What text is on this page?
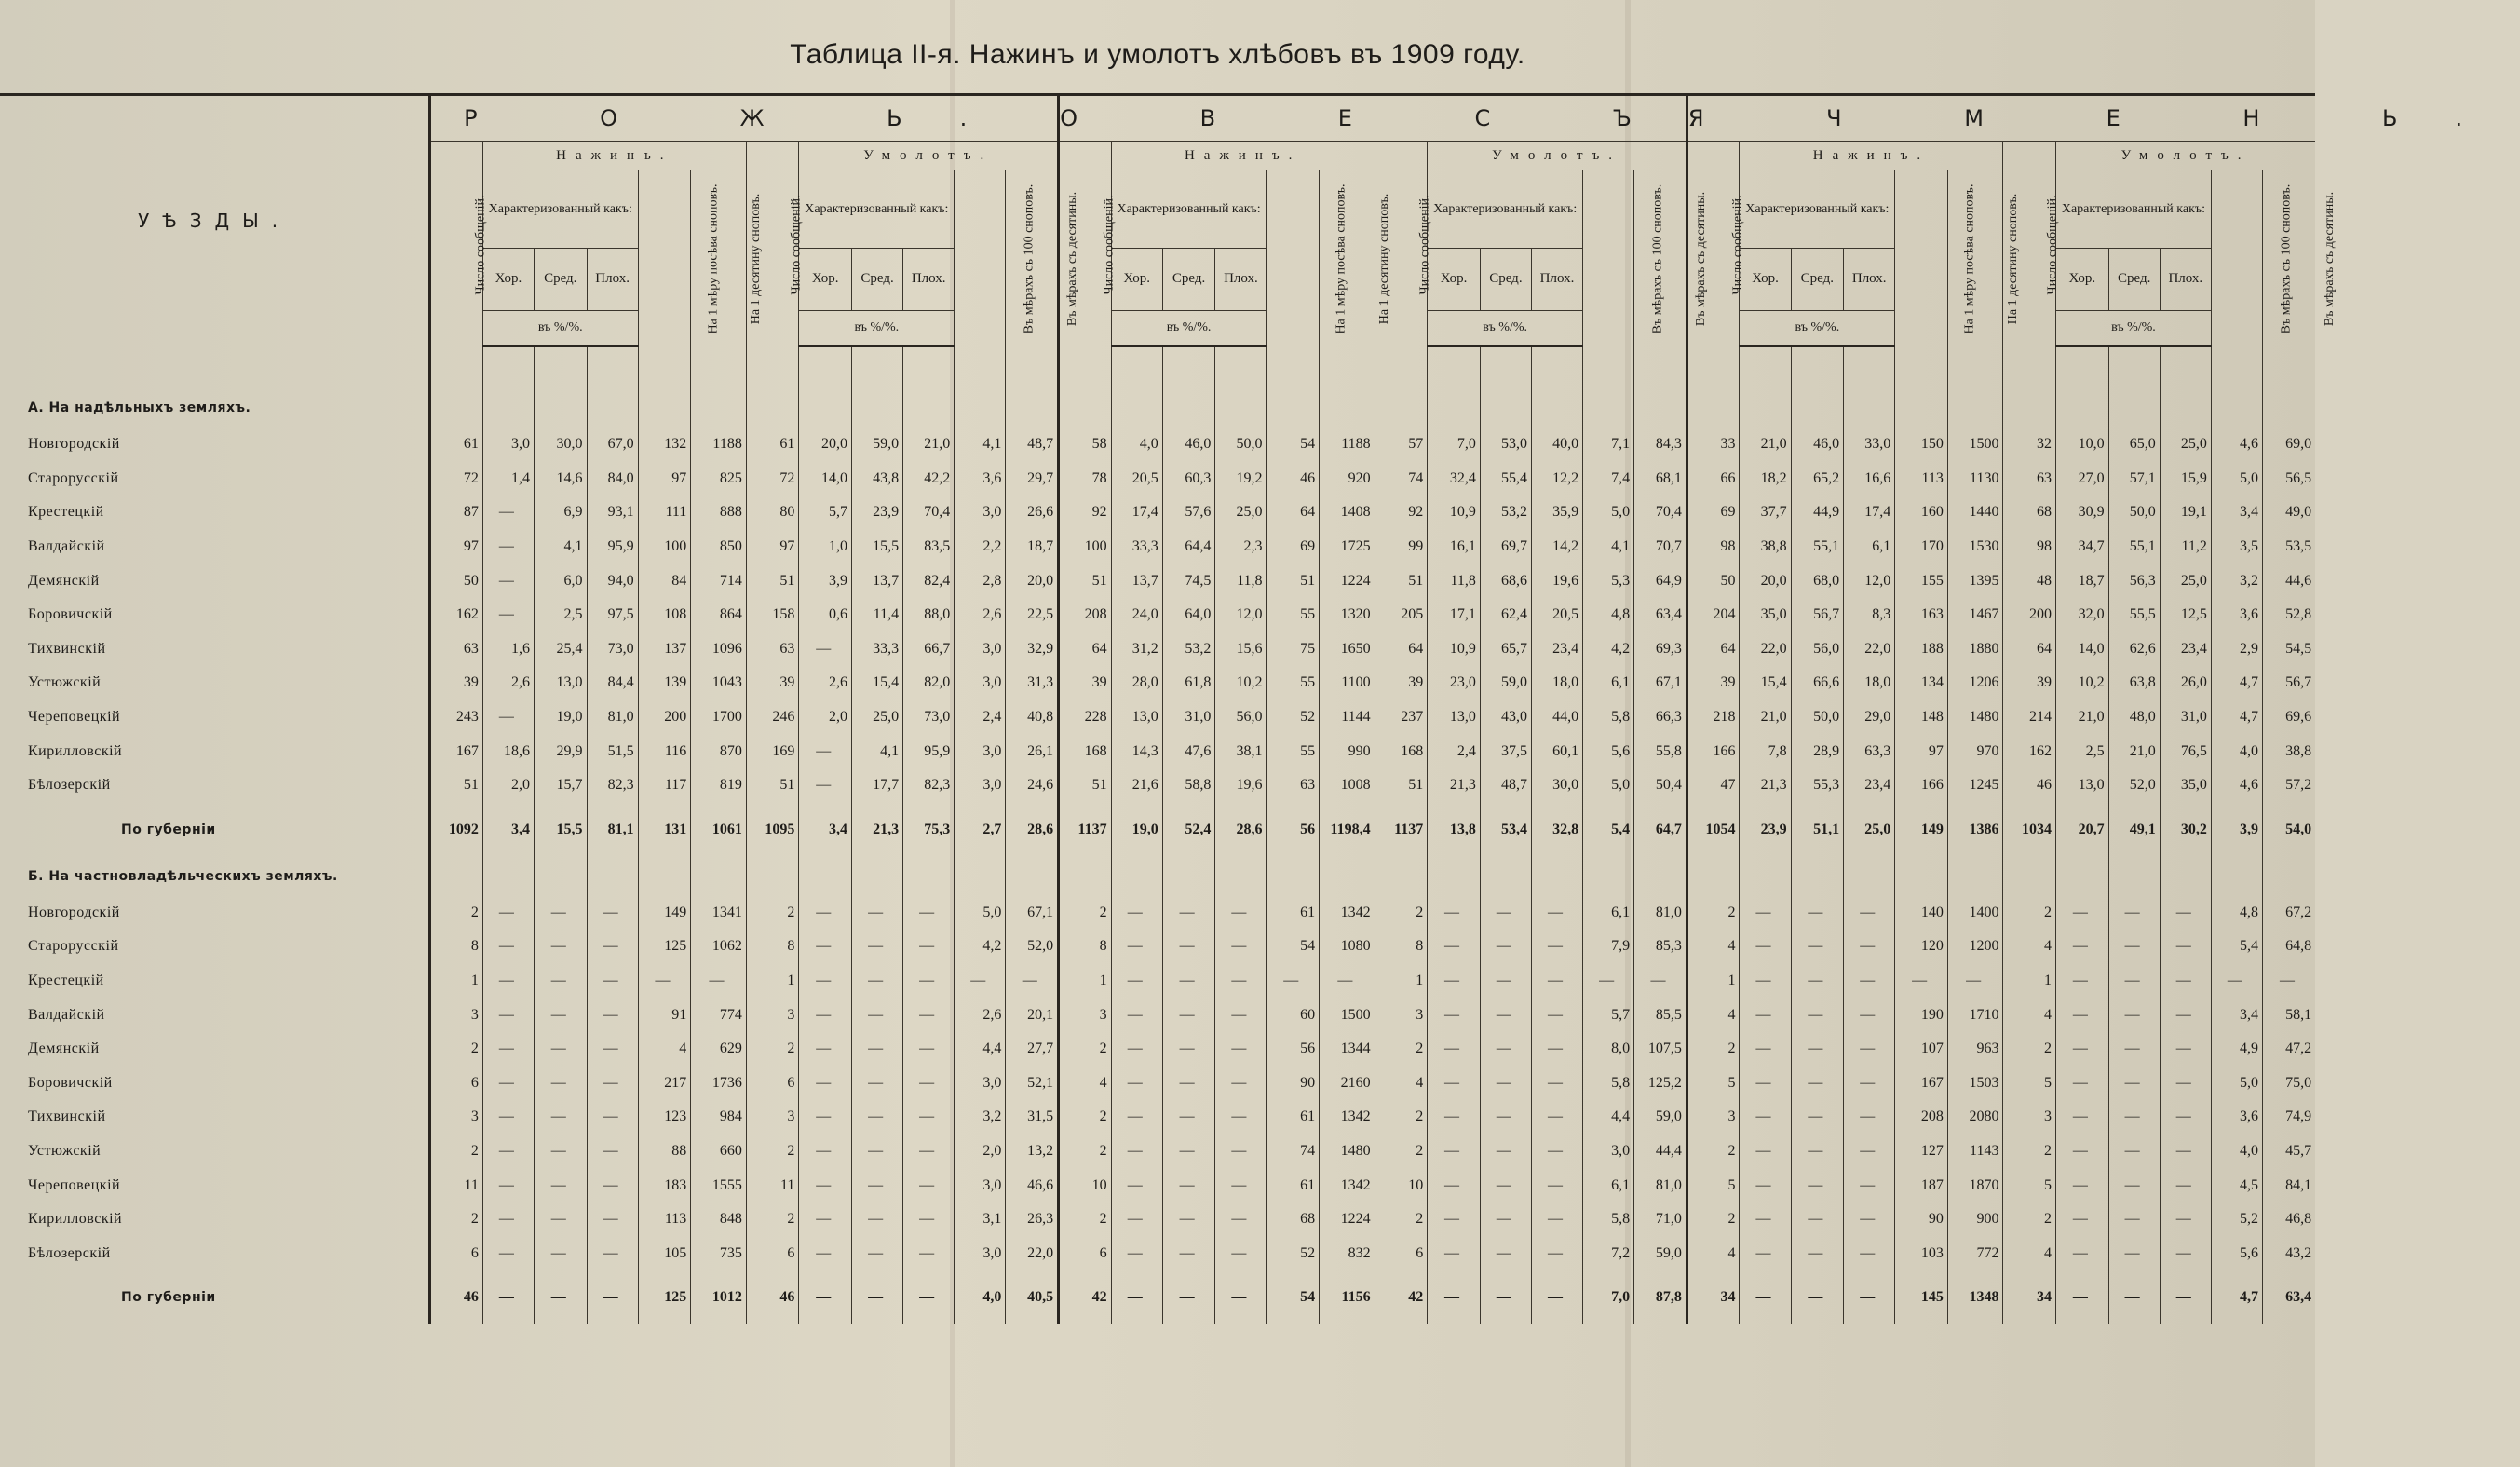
Таблица II-я. Нажинъ и умолотъ хлѣбовъ въ 1909 году.
УѢЗДЫ.	Р О Ж Ь.												О В Е С Ъ.												Я Ч М Е Н Ь.											
	Число сообщеній.	Нажинъ.					Число сообщеній.	Умолотъ.					Число сообщеній.	Нажинъ.					Число сообщеній.	Умолотъ.					Число сообщеній.	Нажинъ.					Число сообщеній.	Умолотъ.				
		Характеризованный какъ:			На 1 мѣру посѣва сноповъ.	На 1 десятину сноповъ.		Характеризованный какъ:			Въ мѣрахъ съ 100 сноповъ.	Въ мѣрахъ съ десятины.		Характеризованный какъ:			На 1 мѣру посѣва сноповъ.	На 1 десятину сноповъ.		Характеризованный какъ:			Въ мѣрахъ съ 100 сноповъ.	Въ мѣрахъ съ десятины.		Характеризованный какъ:			На 1 мѣру посѣва сноповъ.	На 1 десятину сноповъ.		Характеризованный какъ:			Въ мѣрахъ съ 100 сноповъ.	Въ мѣрахъ съ десятины.
		Хор.	Сред.	Плох.				Хор.	Сред.	Плох.				Хор.	Сред.	Плох.				Хор.	Сред.	Плох.				Хор.	Сред.	Плох.				Хор.	Сред.	Плох.		
		въ %/%.						въ %/%.						въ %/%.						въ %/%.						въ %/%.						въ %/%.				

А. На надѣльныхъ земляхъ.																																				
Новгородскій	61	3,0	30,0	67,0	132	1188	61	20,0	59,0	21,0	4,1	48,7	58	4,0	46,0	50,0	54	1188	57	7,0	53,0	40,0	7,1	84,3	33	21,0	46,0	33,0	150	1500	32	10,0	65,0	25,0	4,6	69,0
Старорусскій	72	1,4	14,6	84,0	97	825	72	14,0	43,8	42,2	3,6	29,7	78	20,5	60,3	19,2	46	920	74	32,4	55,4	12,2	7,4	68,1	66	18,2	65,2	16,6	113	1130	63	27,0	57,1	15,9	5,0	56,5
Крестецкій	87	—	6,9	93,1	111	888	80	5,7	23,9	70,4	3,0	26,6	92	17,4	57,6	25,0	64	1408	92	10,9	53,2	35,9	5,0	70,4	69	37,7	44,9	17,4	160	1440	68	30,9	50,0	19,1	3,4	49,0
Валдайскій	97	—	4,1	95,9	100	850	97	1,0	15,5	83,5	2,2	18,7	100	33,3	64,4	2,3	69	1725	99	16,1	69,7	14,2	4,1	70,7	98	38,8	55,1	6,1	170	1530	98	34,7	55,1	11,2	3,5	53,5
Демянскій	50	—	6,0	94,0	84	714	51	3,9	13,7	82,4	2,8	20,0	51	13,7	74,5	11,8	51	1224	51	11,8	68,6	19,6	5,3	64,9	50	20,0	68,0	12,0	155	1395	48	18,7	56,3	25,0	3,2	44,6
Боровичскій	162	—	2,5	97,5	108	864	158	0,6	11,4	88,0	2,6	22,5	208	24,0	64,0	12,0	55	1320	205	17,1	62,4	20,5	4,8	63,4	204	35,0	56,7	8,3	163	1467	200	32,0	55,5	12,5	3,6	52,8
Тихвинскій	63	1,6	25,4	73,0	137	1096	63	—	33,3	66,7	3,0	32,9	64	31,2	53,2	15,6	75	1650	64	10,9	65,7	23,4	4,2	69,3	64	22,0	56,0	22,0	188	1880	64	14,0	62,6	23,4	2,9	54,5
Устюжскій	39	2,6	13,0	84,4	139	1043	39	2,6	15,4	82,0	3,0	31,3	39	28,0	61,8	10,2	55	1100	39	23,0	59,0	18,0	6,1	67,1	39	15,4	66,6	18,0	134	1206	39	10,2	63,8	26,0	4,7	56,7
Череповецкій	243	—	19,0	81,0	200	1700	246	2,0	25,0	73,0	2,4	40,8	228	13,0	31,0	56,0	52	1144	237	13,0	43,0	44,0	5,8	66,3	218	21,0	50,0	29,0	148	1480	214	21,0	48,0	31,0	4,7	69,6
Кирилловскій	167	18,6	29,9	51,5	116	870	169	—	4,1	95,9	3,0	26,1	168	14,3	47,6	38,1	55	990	168	2,4	37,5	60,1	5,6	55,8	166	7,8	28,9	63,3	97	970	162	2,5	21,0	76,5	4,0	38,8
Бѣлозерскій	51	2,0	15,7	82,3	117	819	51	—	17,7	82,3	3,0	24,6	51	21,6	58,8	19,6	63	1008	51	21,3	48,7	30,0	5,0	50,4	47	21,3	55,3	23,4	166	1245	46	13,0	52,0	35,0	4,6	57,2
По губерніи	1092	3,4	15,5	81,1	131	1061	1095	3,4	21,3	75,3	2,7	28,6	1137	19,0	52,4	28,6	56	1198,4	1137	13,8	53,4	32,8	5,4	64,7	1054	23,9	51,1	25,0	149	1386	1034	20,7	49,1	30,2	3,9	54,0
Б. На частновладѣльческихъ земляхъ.																																				
Новгородскій	2	—	—	—	149	1341	2	—	—	—	5,0	67,1	2	—	—	—	61	1342	2	—	—	—	6,1	81,0	2	—	—	—	140	1400	2	—	—	—	4,8	67,2
Старорусскій	8	—	—	—	125	1062	8	—	—	—	4,2	52,0	8	—	—	—	54	1080	8	—	—	—	7,9	85,3	4	—	—	—	120	1200	4	—	—	—	5,4	64,8
Крестецкій	1	—	—	—	—	—	1	—	—	—	—	—	1	—	—	—	—	—	1	—	—	—	—	—	1	—	—	—	—	—	1	—	—	—	—	—
Валдайскій	3	—	—	—	91	774	3	—	—	—	2,6	20,1	3	—	—	—	60	1500	3	—	—	—	5,7	85,5	4	—	—	—	190	1710	4	—	—	—	3,4	58,1
Демянскій	2	—	—	—	4	629	2	—	—	—	4,4	27,7	2	—	—	—	56	1344	2	—	—	—	8,0	107,5	2	—	—	—	107	963	2	—	—	—	4,9	47,2
Боровичскій	6	—	—	—	217	1736	6	—	—	—	3,0	52,1	4	—	—	—	90	2160	4	—	—	—	5,8	125,2	5	—	—	—	167	1503	5	—	—	—	5,0	75,0
Тихвинскій	3	—	—	—	123	984	3	—	—	—	3,2	31,5	2	—	—	—	61	1342	2	—	—	—	4,4	59,0	3	—	—	—	208	2080	3	—	—	—	3,6	74,9
Устюжскій	2	—	—	—	88	660	2	—	—	—	2,0	13,2	2	—	—	—	74	1480	2	—	—	—	3,0	44,4	2	—	—	—	127	1143	2	—	—	—	4,0	45,7
Череповецкій	11	—	—	—	183	1555	11	—	—	—	3,0	46,6	10	—	—	—	61	1342	10	—	—	—	6,1	81,0	5	—	—	—	187	1870	5	—	—	—	4,5	84,1
Кирилловскій	2	—	—	—	113	848	2	—	—	—	3,1	26,3	2	—	—	—	68	1224	2	—	—	—	5,8	71,0	2	—	—	—	90	900	2	—	—	—	5,2	46,8
Бѣлозерскій	6	—	—	—	105	735	6	—	—	—	3,0	22,0	6	—	—	—	52	832	6	—	—	—	7,2	59,0	4	—	—	—	103	772	4	—	—	—	5,6	43,2
По губерніи	46	—	—	—	125	1012	46	—	—	—	4,0	40,5	42	—	—	—	54	1156	42	—	—	—	7,0	87,8	34	—	—	—	145	1348	34	—	—	—	4,7	63,4
